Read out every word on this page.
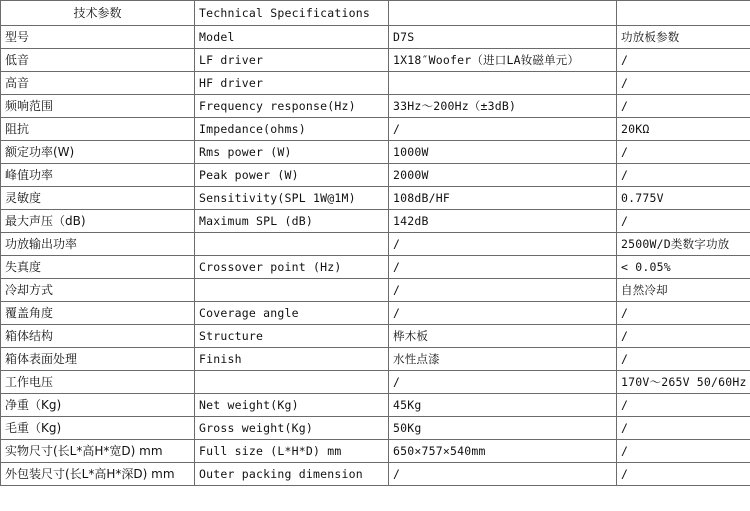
技术参数	Technical Specifications		
型号	Model	D7S	功放板参数
低音	LF driver	1X18″Woofer（进口LA钕磁单元）	/
高音	HF driver		/
频响范围	Frequency response(Hz)	33Hz～200Hz（±3dB)	/
阻抗	Impedance(ohms)	/	20KΩ
额定功率(W)	Rms power (W)	1000W	/
峰值功率	Peak power (W)	2000W	/
灵敏度	Sensitivity(SPL 1W@1M)	108dB/HF	0.775V
最大声压（dB)	Maximum SPL (dB)	142dB	/
功放输出功率		/	2500W/D类数字功放
失真度	Crossover point (Hz)	/	< 0.05%
冷却方式		/	自然冷却
覆盖角度	Coverage angle	/	/
箱体结构	Structure	桦木板	/
箱体表面处理	Finish	水性点漆	/
工作电压		/	170V～265V 50/60Hz
净重（Kg)	Net weight(Kg)	45Kg	/
毛重（Kg)	Gross weight(Kg)	50Kg	/
实物尺寸(长L*高H*宽D) mm	Full size (L*H*D) mm	650×757×540mm	/
外包装尺寸(长L*高H*深D) mm	Outer packing dimension	/	/
